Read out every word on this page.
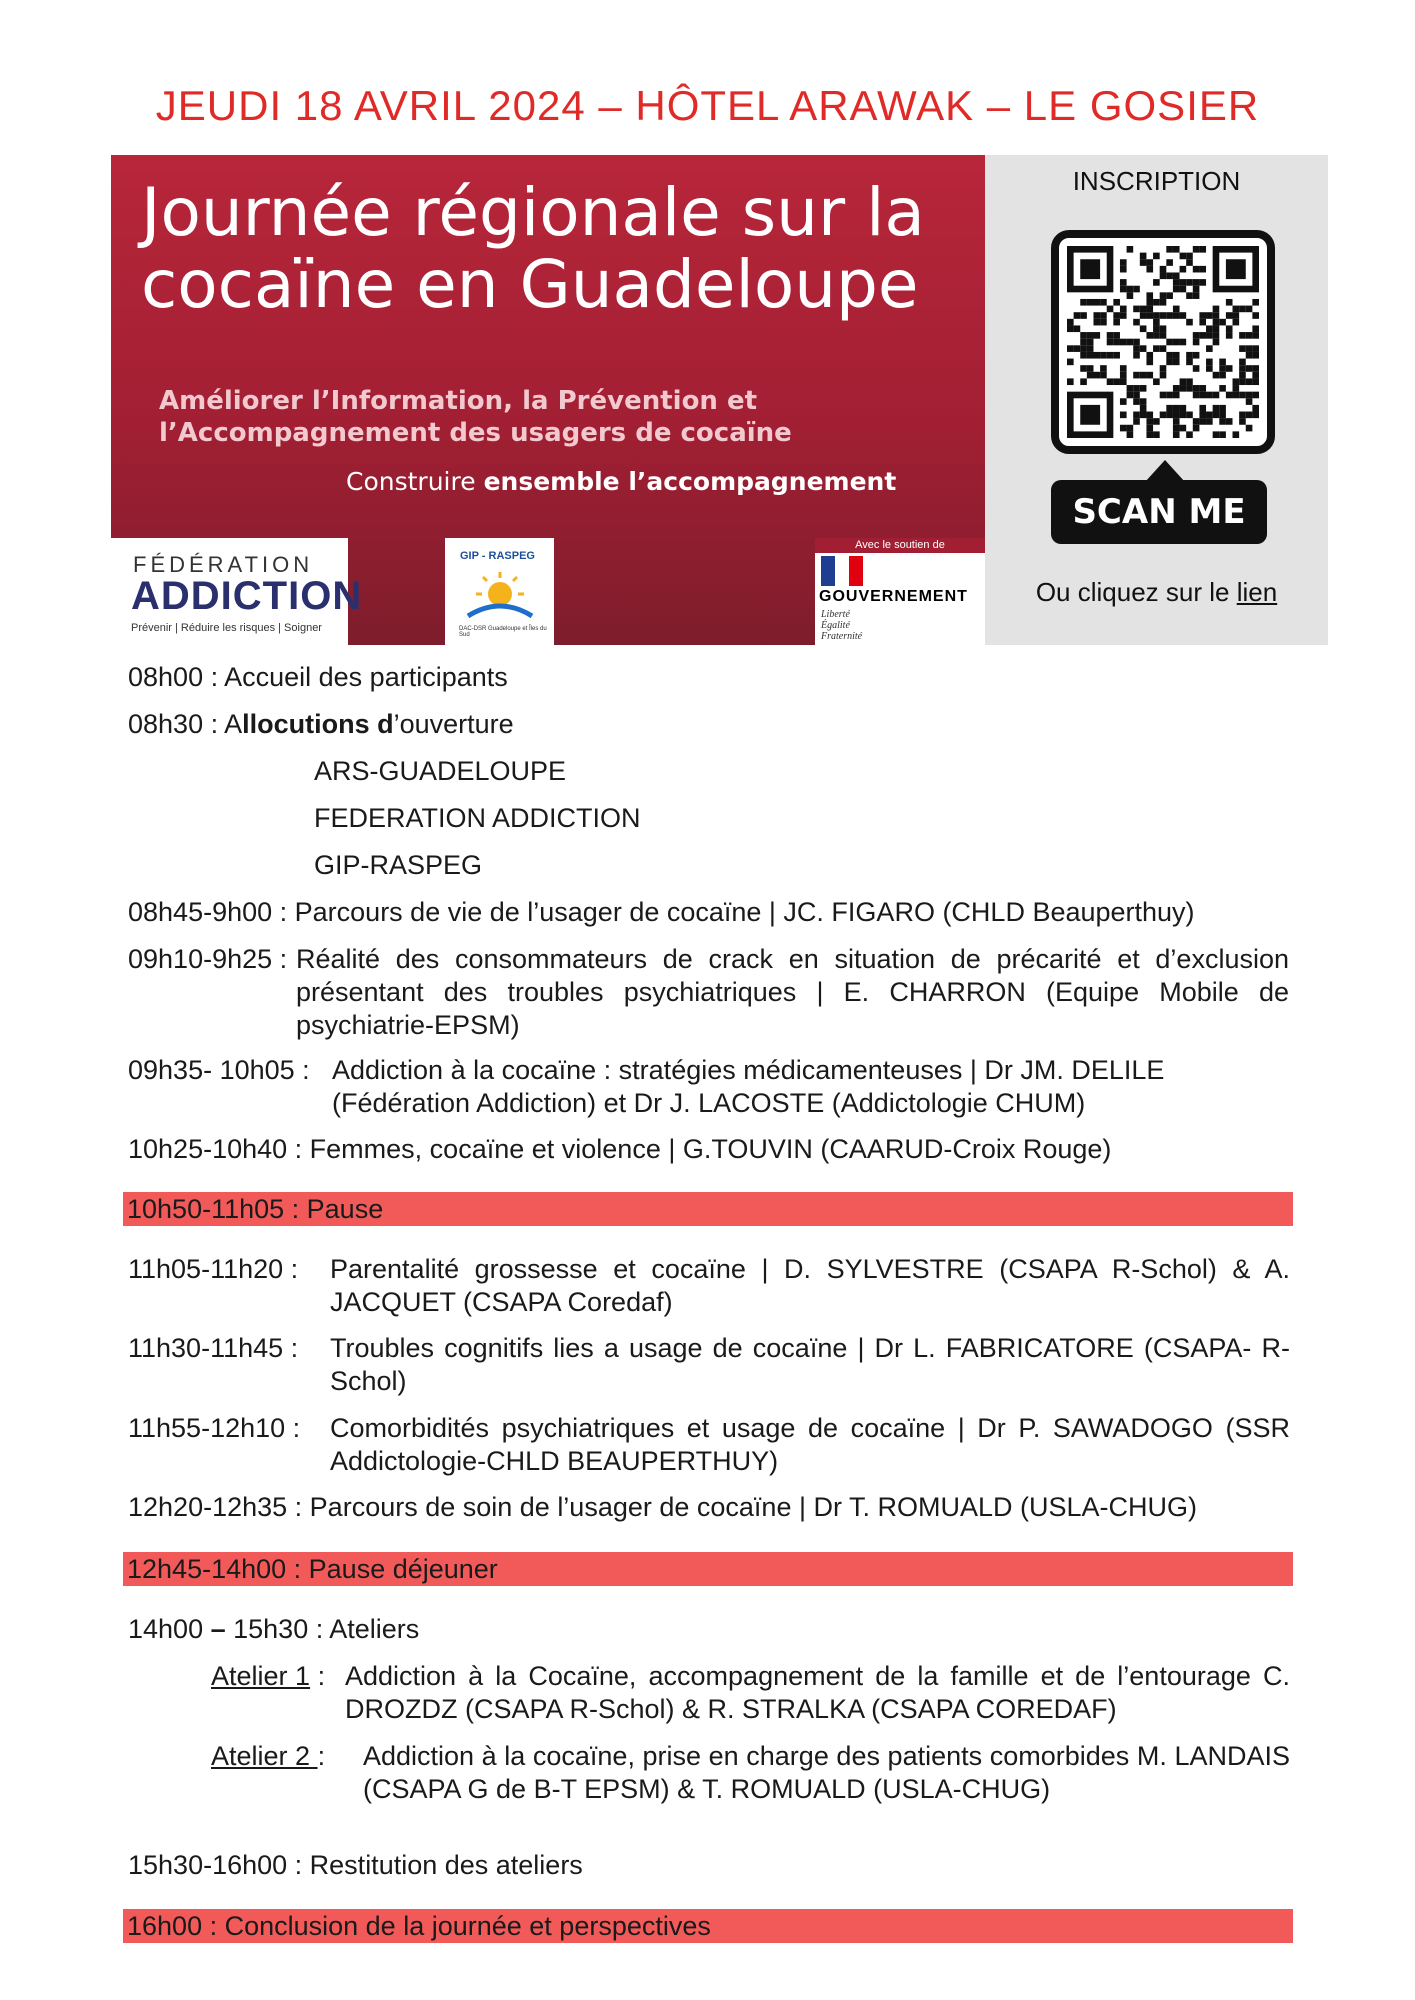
JEUDI 18 AVRIL 2024 – HÔTEL ARAWAK – LE GOSIER
Journée régionale sur la
cocaïne en Guadeloupe
Améliorer l’Information, la Prévention et
l’Accompagnement des usagers de cocaïne
Construire ensemble l’accompagnement
FÉDÉRATION
ADDICTION
Prévenir | Réduire les risques | Soigner
GIP - RASPEG
DAC-DSR Guadeloupe et Îles du Sud
Avec le soutien de
GOUVERNEMENT
Liberté
Égalité
Fraternité
INSCRIPTION
SCAN ME
Ou cliquez sur le lien
08h00 : Accueil des participants
08h30 : Allocutions d’ouverture
ARS-GUADELOUPE
FEDERATION ADDICTION
GIP-RASPEG
08h45-9h00 : Parcours de vie de l’usager de cocaïne | JC. FIGARO (CHLD Beauperthuy)
09h10-9h25 : Réalité des consommateurs de crack en situation de précarité et d’exclusion présentant des troubles psychiatriques | E. CHARRON (Equipe Mobile de psychiatrie-EPSM)
09h35- 10h05 : Addiction à la cocaïne : stratégies médicamenteuses | Dr JM. DELILE (Fédération Addiction) et Dr J. LACOSTE (Addictologie CHUM)
10h25-10h40 : Femmes, cocaïne et violence | G.TOUVIN (CAARUD-Croix Rouge)
10h50-11h05 : Pause
11h05-11h20 :	Parentalité grossesse et cocaïne | D. SYLVESTRE (CSAPA R-Schol) & A. JACQUET (CSAPA Coredaf)
11h30-11h45 :	Troubles cognitifs lies a usage de cocaïne | Dr L. FABRICATORE (CSAPA- R-Schol)
11h55-12h10 :	Comorbidités psychiatriques et usage de cocaïne | Dr P. SAWADOGO (SSR Addictologie-CHLD BEAUPERTHUY)
12h20-12h35 : Parcours de soin de l’usager de cocaïne | Dr T. ROMUALD (USLA-CHUG)
12h45-14h00 : Pause déjeuner
14h00 – 15h30 : Ateliers
Atelier 1 : Addiction à la Cocaïne, accompagnement de la famille et de l’entourage C. DROZDZ (CSAPA R-Schol) & R. STRALKA (CSAPA COREDAF)
Atelier 2 : Addiction à la cocaïne, prise en charge des patients comorbides M. LANDAIS (CSAPA G de B-T EPSM) & T. ROMUALD (USLA-CHUG)
15h30-16h00 : Restitution des ateliers
16h00 : Conclusion de la journée et perspectives
